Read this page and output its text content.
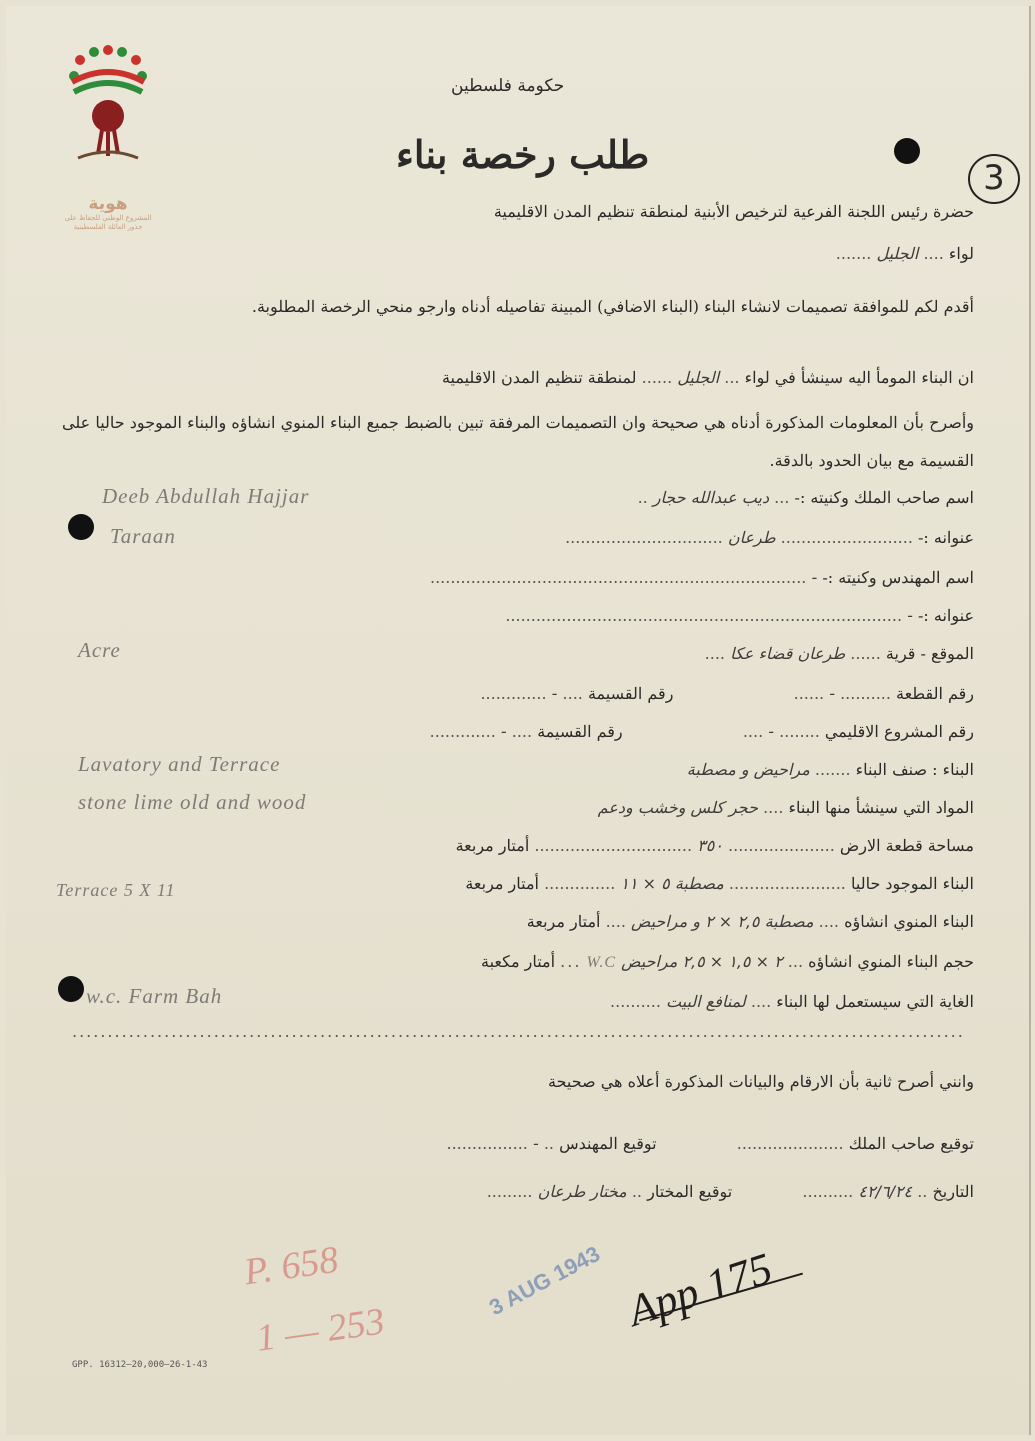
هوية
المشروع الوطني للحفاظ على جذور العائلة الفلسطينية
حكومة فلسطين
طلب رخصة بناء
3
حضرة رئيس اللجنة الفرعية لترخيص الأبنية لمنطقة تنظيم المدن الاقليمية
لواء .... الجليل .......
أقدم لكم للموافقة تصميمات لانشاء البناء (البناء الاضافي) المبينة تفاصيله أدناه وارجو منحي الرخصة المطلوبة.
ان البناء المومأ اليه سينشأ في لواء ... الجليل ...... لمنطقة تنظيم المدن الاقليمية
وأصرح بأن المعلومات المذكورة أدناه هي صحيحة وان التصميمات المرفقة تبين بالضبط جميع البناء المنوي انشاؤه والبناء الموجود حاليا على القسيمة مع بيان الحدود بالدقة.
اسم صاحب الملك وكنيته :- ... ديب عبدالله حجار ..
Deeb Abdullah Hajjar
عنوانه :- .......................... طرعان ...............................
Taraan
اسم المهندس وكنيته :- - ..........................................................................
عنوانه :- - ..............................................................................
الموقع - قرية ...... طرعان قضاء عكا ....
Acre
رقم القطعة .......... - ......  رقم القسيمة .... - .............
رقم المشروع الاقليمي ........ - ....  رقم القسيمة .... - .............
البناء : صنف البناء ....... مراحيض و مصطبة
Lavatory and Terrace
المواد التي سينشأ منها البناء .... حجر كلس وخشب ودعم
stone lime old and wood
مساحة قطعة الارض ..................... ٣٥٠ ............................... أمتار مربعة
البناء الموجود حاليا ....................... مصطبة ٥ × ١١ .............. أمتار مربعة
Terrace 5 X 11
البناء المنوي انشاؤه .... مصطبة ٢,٥ × ٢ و مراحيض .... أمتار مربعة
حجم البناء المنوي انشاؤه ... ٢ × ١,٥ × ٢,٥ مراحيض W.C ... أمتار مكعبة
الغاية التي سيستعمل لها البناء .... لمنافع البيت ..........
w.c. Farm Bah
..............................................................................................................................
وانني أصرح ثانية بأن الارقام والبيانات المذكورة أعلاه هي صحيحة
توقيع صاحب الملك .....................  توقيع المهندس .. - ................
التاريخ .. ٤٢/٦/٢٤ ..........  توقيع المختار .. مختار طرعان .........
P. 658
1 — 253
3 AUG 1943 App 175
GPP. 16312—20,000—26-1-43
